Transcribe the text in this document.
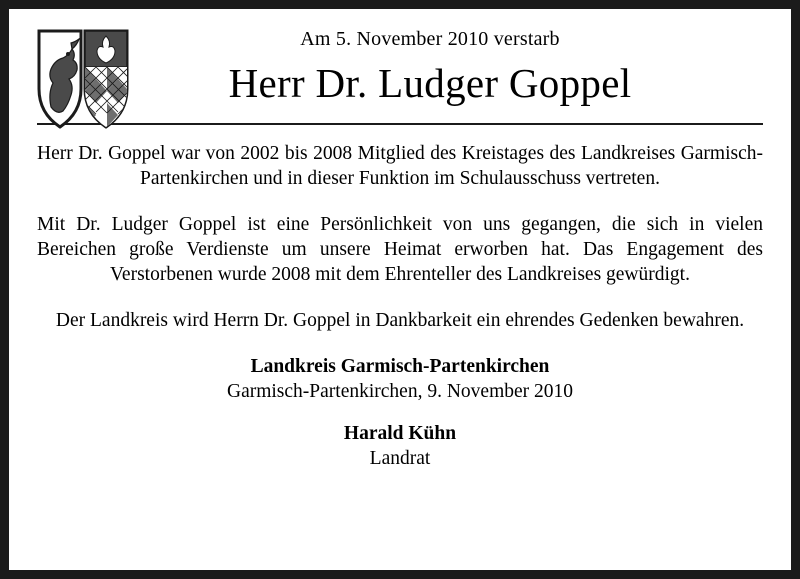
Am 5. November 2010 verstarb
Herr Dr. Ludger Goppel

Herr Dr. Goppel war von 2002 bis 2008 Mitglied des Kreistages des Landkreises Garmisch-Partenkirchen und in dieser Funktion im Schulausschuss vertreten.

Mit Dr. Ludger Goppel ist eine Persönlichkeit von uns gegangen, die sich in vielen Bereichen große Verdienste um unsere Heimat erworben hat. Das Engagement des Verstorbenen wurde 2008 mit dem Ehrenteller des Landkreises gewürdigt.

Der Landkreis wird Herrn Dr. Goppel in Dankbarkeit ein ehrendes Gedenken bewahren.

Landkreis Garmisch-Partenkirchen
Garmisch-Partenkirchen, 9. November 2010
Harald Kühn
Landrat
